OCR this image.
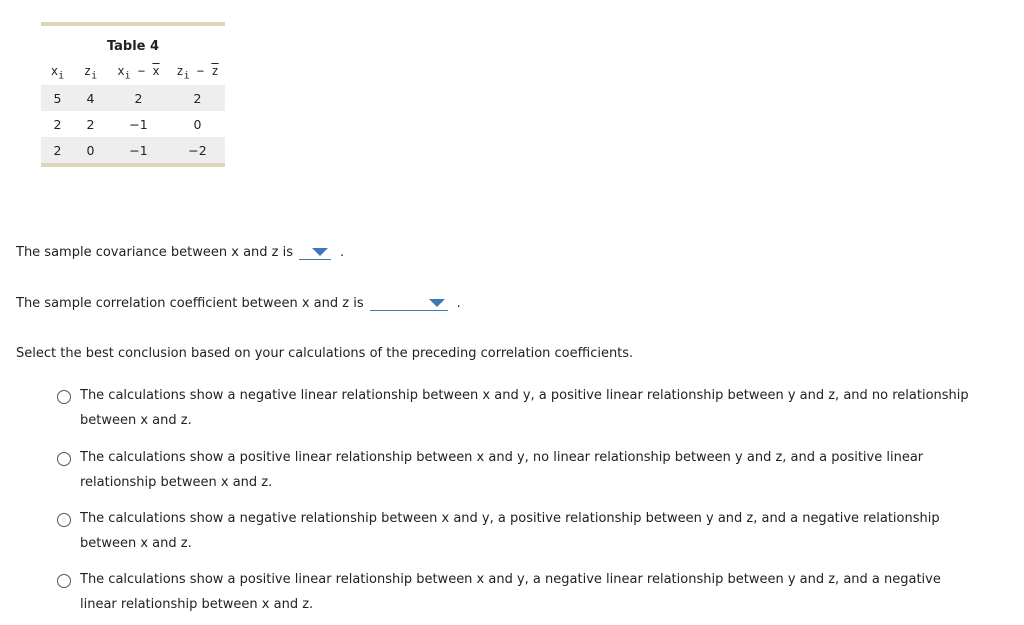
Table 4
$x_i$	$z_i$	$x_i - \overline{x}$	$z_i - \overline{z}$
5	4	2	2
2	2	−1	0
2	0	−1	−2
The sample covariance between x and z is	.
The sample correlation coefficient between x and z is	.
Select the best conclusion based on your calculations of the preceding correlation coefficients.
The calculations show a negative linear relationship between x and y, a positive linear relationship between y and z, and no relationship between x and z.
The calculations show a positive linear relationship between x and y, no linear relationship between y and z, and a positive linear relationship between x and z.
The calculations show a negative relationship between x and y, a positive relationship between y and z, and a negative relationship between x and z.
The calculations show a positive linear relationship between x and y, a negative linear relationship between y and z, and a negative linear relationship between x and z.
